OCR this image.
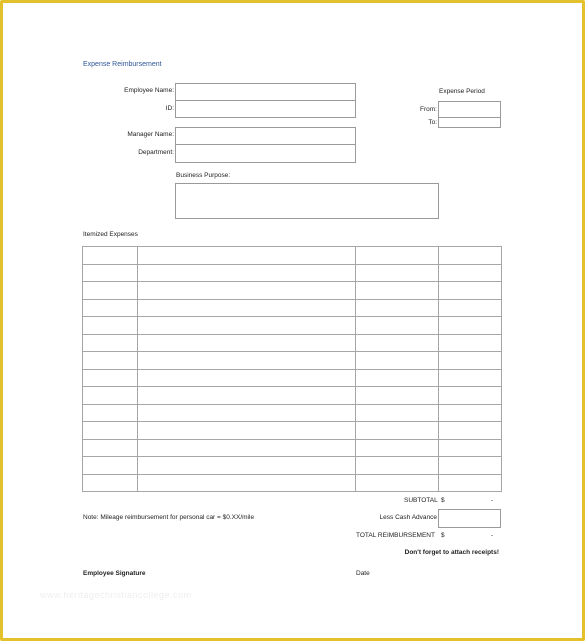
Expense Reimbursement
Employee Name:
ID:
Manager Name:
Department:
Expense Period
From:
To:
Business Purpose:
Itemized Expenses

SUBTOTAL $	-
Note: Mileage reimbursement for personal car = $0.XX/mile	Less Cash Advance
TOTAL REIMBURSEMENT $	-
Don't forget to attach receipts!
Employee Signature	Date
www.heritagechristiancollege.com
